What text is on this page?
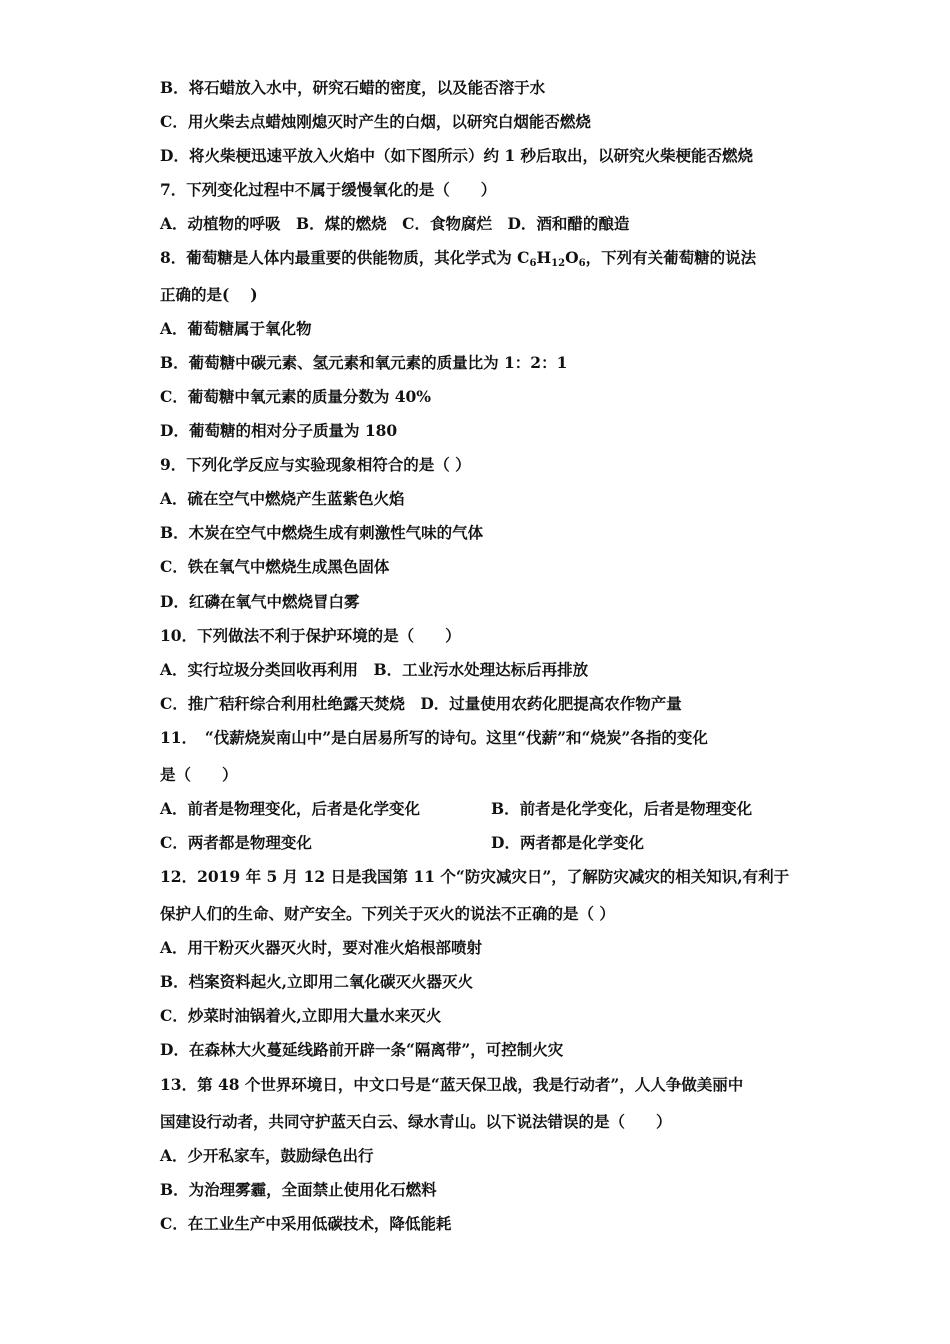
B．将石蜡放入水中，研究石蜡的密度，以及能否溶于水
C．用火柴去点蜡烛刚熄灭时产生的白烟，以研究白烟能否燃烧
D．将火柴梗迅速平放入火焰中（如下图所示）约 1 秒后取出，以研究火柴梗能否燃烧
7．下列变化过程中不属于缓慢氧化的是（　　）
A．动植物的呼吸　B．煤的燃烧　C．食物腐烂　D．酒和醋的酿造
8．葡萄糖是人体内最重要的供能物质，其化学式为 $C_6H_{12}O_6$，下列有关葡萄糖的说法
正确的是(　 )
A．葡萄糖属于氧化物
B．葡萄糖中碳元素、氢元素和氧元素的质量比为 1：2：1
C．葡萄糖中氧元素的质量分数为 40%
D．葡萄糖的相对分子质量为 180
9．下列化学反应与实验现象相符合的是（ ）
A．硫在空气中燃烧产生蓝紫色火焰
B．木炭在空气中燃烧生成有刺激性气味的气体
C．铁在氧气中燃烧生成黑色固体
D．红磷在氧气中燃烧冒白雾
10．下列做法不利于保护环境的是（　　）
A．实行垃圾分类回收再利用　B．工业污水处理达标后再排放
C．推广秸秆综合利用杜绝露天焚烧　D．过量使用农药化肥提高农作物产量
11．　“伐薪烧炭南山中”是白居易所写的诗句。这里“伐薪”和“烧炭”各指的变化
是（　　）
A．前者是物理变化，后者是化学变化	B．前者是化学变化，后者是物理变化
C．两者都是物理变化	D．两者都是化学变化
12．2019 年 5 月 12 日是我国第 11 个“防灾减灾日”，了解防灾减灾的相关知识,有利于
保护人们的生命、财产安全。下列关于灭火的说法不正确的是（ ）
A．用干粉灭火器灭火时，要对准火焰根部喷射
B．档案资料起火,立即用二氧化碳灭火器灭火
C．炒菜时油锅着火,立即用大量水来灭火
D．在森林大火蔓延线路前开辟一条“隔离带”，可控制火灾
13．第 48 个世界环境日，中文口号是“蓝天保卫战，我是行动者”，人人争做美丽中
国建设行动者，共同守护蓝天白云、绿水青山。以下说法错误的是（　　）
A．少开私家车，鼓励绿色出行
B．为治理雾霾，全面禁止使用化石燃料
C．在工业生产中采用低碳技术，降低能耗
